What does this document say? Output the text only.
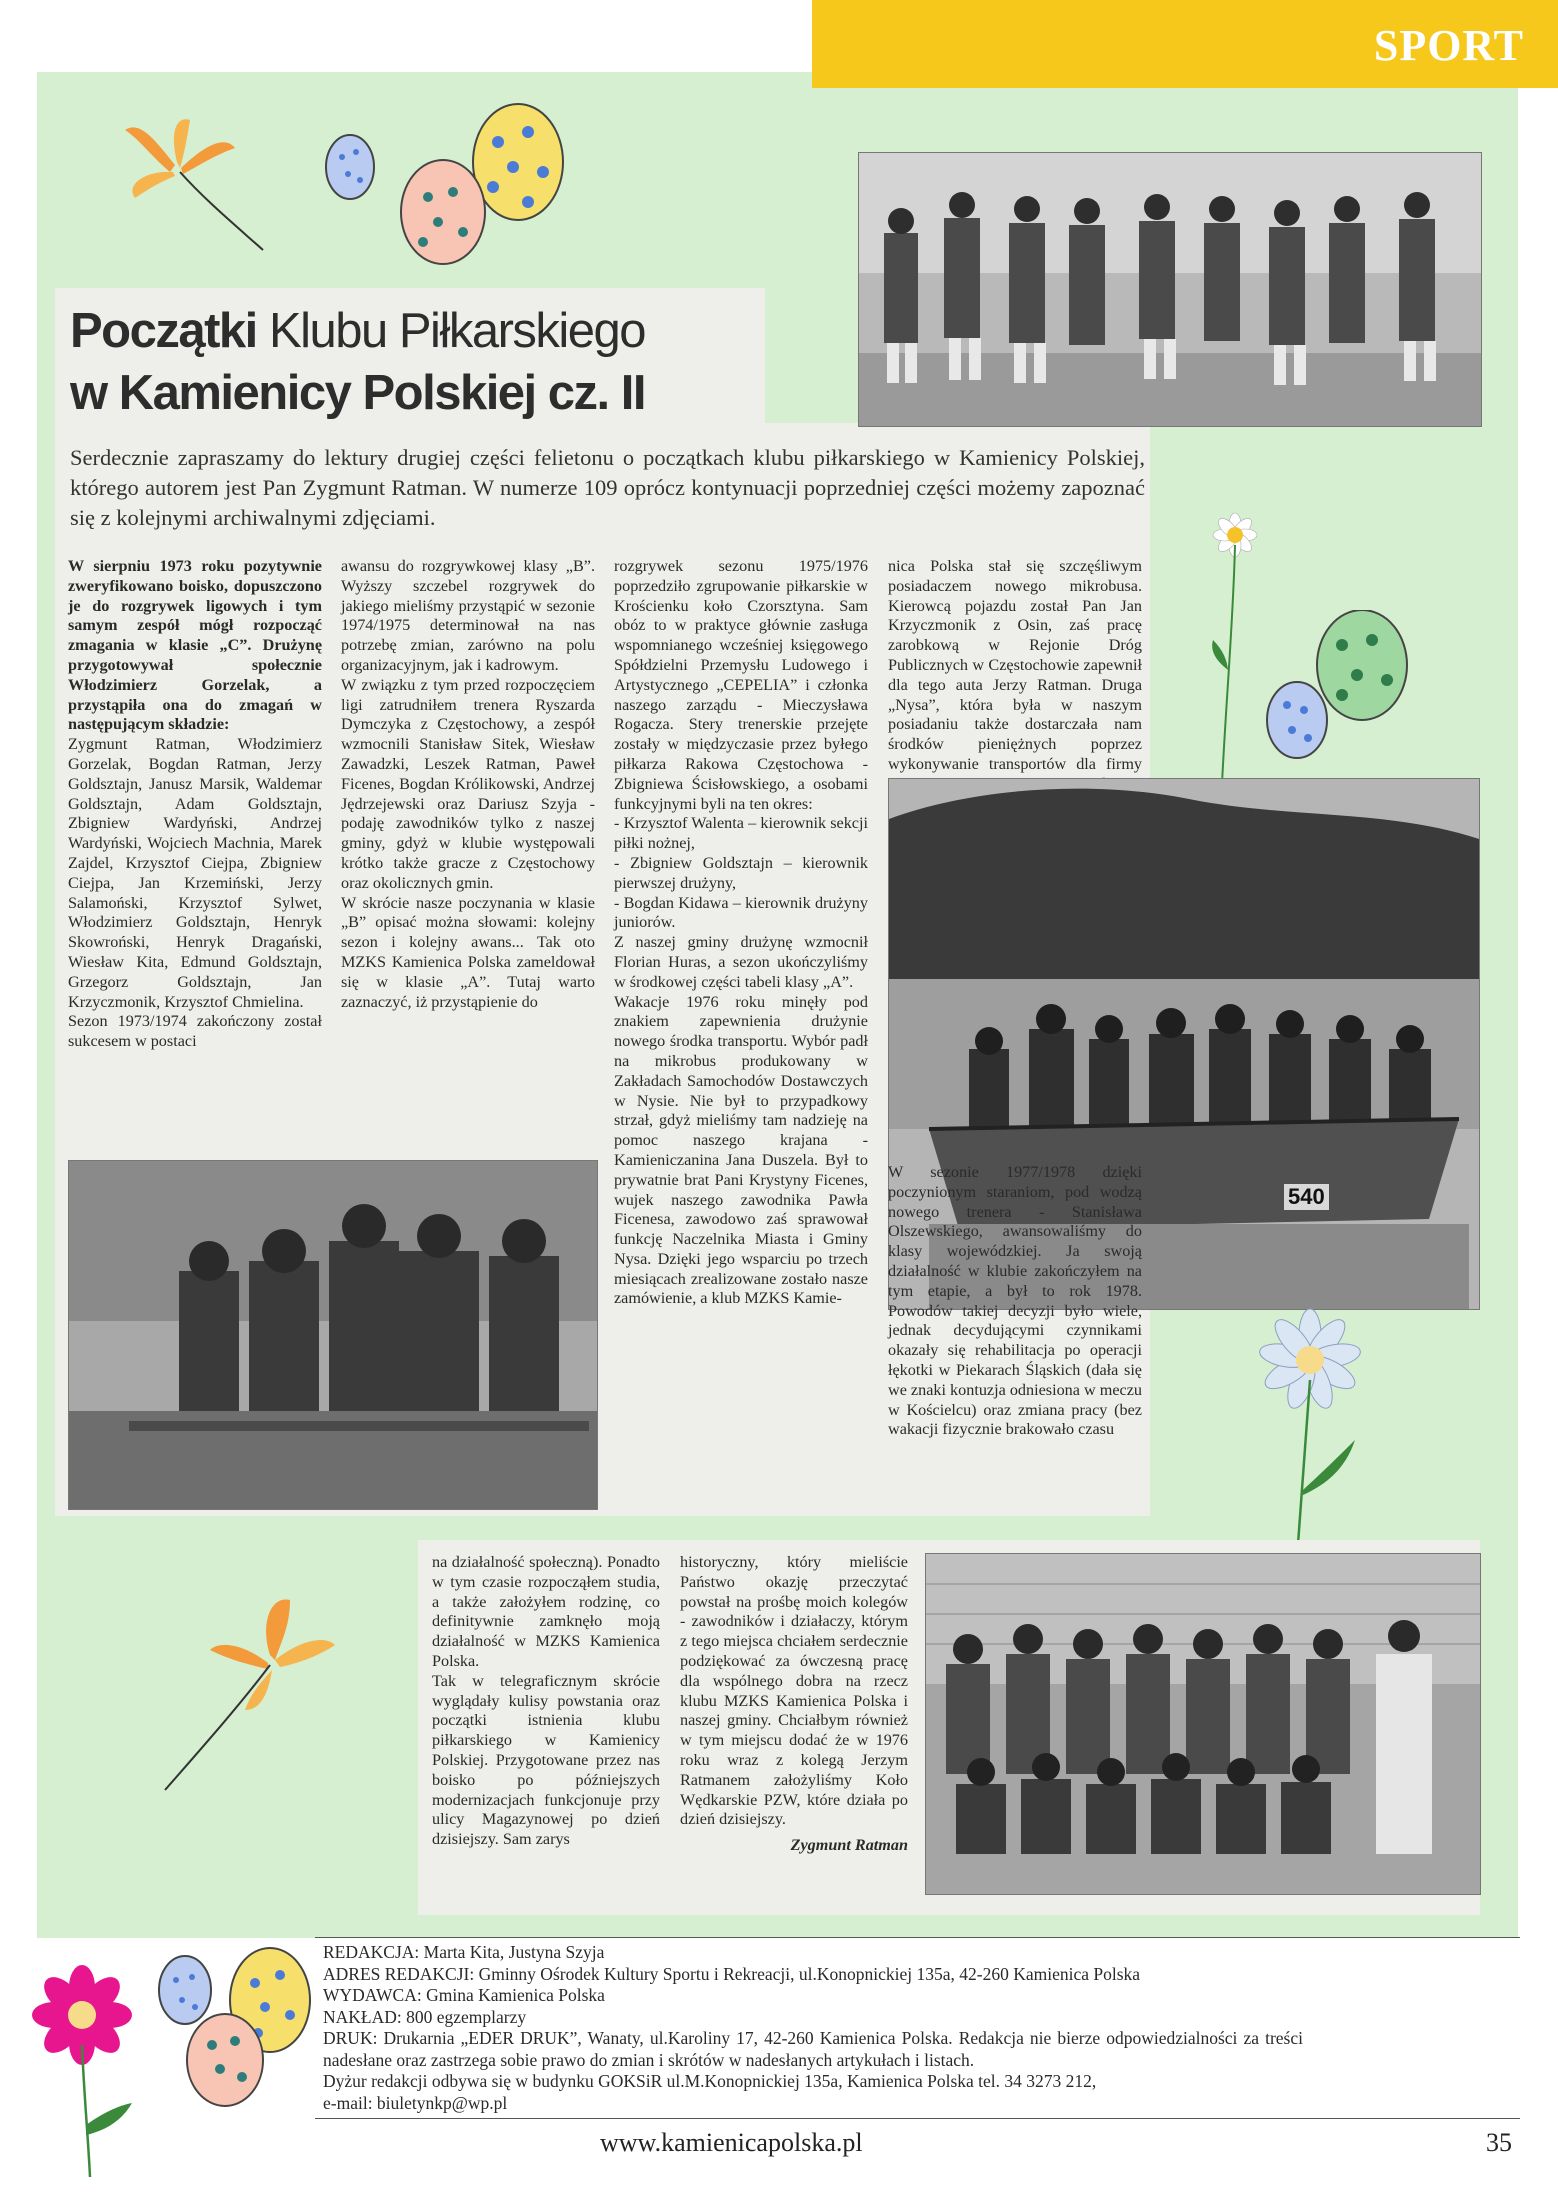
SPORT
Początki Klubu Piłkarskiego
w Kamienicy Polskiej cz. II

Serdecznie zapraszamy do lektury drugiej części felietonu o początkach klubu piłkarskiego w Kamienicy Polskiej, którego autorem jest Pan Zygmunt Ratman. W numerze 109 oprócz kontynuacji poprzedniej części możemy zapoznać się z kolejnymi archiwalnymi zdjęciami.

W sierpniu 1973 roku pozytywnie zweryfikowano boisko, dopuszczono je do rozgrywek ligowych i tym samym zespół mógł rozpocząć zmagania w klasie „C”. Drużynę przygotowywał społecznie Włodzimierz Gorzelak, a przystąpiła ona do zmagań w następującym składzie:

Zygmunt Ratman, Włodzimierz Gorzelak, Bogdan Ratman, Jerzy Goldsztajn, Janusz Marsik, Waldemar Goldsztajn, Adam Goldsztajn, Zbigniew Wardyński, Andrzej Wardyński, Wojciech Machnia, Marek Zajdel, Krzysztof Ciejpa, Zbigniew Ciejpa, Jan Krzemiński, Jerzy Salamoński, Krzysztof Sylwet, Włodzimierz Goldsztajn, Henryk Skowroński, Henryk Dragański, Wiesław Kita, Edmund Goldsztajn, Grzegorz Goldsztajn, Jan Krzyczmonik, Krzysztof Chmielina.

Sezon 1973/1974 zakończony został sukcesem w postaci

awansu do rozgrywkowej klasy „B”. Wyższy szczebel rozgrywek do jakiego mieliśmy przystąpić w sezonie 1974/1975 determinował na nas potrzebę zmian, zarówno na polu organizacyjnym, jak i kadrowym.

W związku z tym przed rozpoczęciem ligi zatrudniłem trenera Ryszarda Dymczyka z Częstochowy, a zespół wzmocnili Stanisław Sitek, Wiesław Zawadzki, Leszek Ratman, Paweł Ficenes, Bogdan Królikowski, Andrzej Jędrzejewski oraz Dariusz Szyja - podaję zawodników tylko z naszej gminy, gdyż w klubie występowali krótko także gracze z Częstochowy oraz okolicznych gmin.

W skrócie nasze poczynania w klasie „B” opisać można słowami: kolejny sezon i kolejny awans... Tak oto MZKS Kamienica Polska zameldował się w klasie „A”. Tutaj warto zaznaczyć, iż przystąpienie do

rozgrywek sezonu 1975/1976 poprzedziło zgrupowanie piłkarskie w Krościenku koło Czorsztyna. Sam obóz to w praktyce głównie zasługa wspomnianego wcześniej księgowego Spółdzielni Przemysłu Ludowego i Artystycznego „CEPELIA” i członka naszego zarządu - Mieczysława Rogacza. Stery trenerskie przejęte zostały w międzyczasie przez byłego piłkarza Rakowa Częstochowa - Zbigniewa Ścisłowskiego, a osobami funkcyjnymi byli na ten okres:

- Krzysztof Walenta – kierownik sekcji piłki nożnej,

- Zbigniew Goldsztajn – kierownik pierwszej drużyny,

- Bogdan Kidawa – kierownik drużyny juniorów.

Z naszej gminy drużynę wzmocnił Florian Huras, a sezon ukończyliśmy w środkowej części tabeli klasy „A”.

Wakacje 1976 roku minęły pod znakiem zapewnienia drużynie nowego środka transportu. Wybór padł na mikrobus produkowany w Zakładach Samochodów Dostawczych w Nysie. Nie był to przypadkowy strzał, gdyż mieliśmy tam nadzieję na pomoc naszego krajana - Kamieniczanina Jana Duszela. Był to prywatnie brat Pani Krystyny Ficenes, wujek naszego zawodnika Pawła Ficenesa, zawodowo zaś sprawował funkcję Naczelnika Miasta i Gminy Nysa. Dzięki jego wsparciu po trzech miesiącach zrealizowane zostało nasze zamówienie, a klub MZKS Kamie-

nica Polska stał się szczęśliwym posiadaczem nowego mikrobusa. Kierowcą pojazdu został Pan Jan Krzyczmonik z Osin, zaś pracę zarobkową w Rejonie Dróg Publicznych w Częstochowie zapewnił dla tego auta Jerzy Ratman. Druga „Nysa”, która była w naszym posiadaniu także dostarczała nam środków pieniężnych poprzez wykonywanie transportów dla firmy

540

W sezonie 1977/1978 dzięki poczynionym staraniom, pod wodzą nowego trenera - Stanisława Olszewskiego, awansowaliśmy do klasy wojewódzkiej. Ja swoją działalność w klubie zakończyłem na tym etapie, a był to rok 1978. Powodów takiej decyzji było wiele, jednak decydującymi czynnikami okazały się rehabilitacja po operacji łękotki w Piekarach Śląskich (dała się we znaki kontuzja odniesiona w meczu w Kościelcu) oraz zmiana pracy (bez wakacji fizycznie brakowało czasu

na działalność społeczną). Ponadto w tym czasie rozpocząłem studia, a także założyłem rodzinę, co definitywnie zamknęło moją działalność w MZKS Kamienica Polska.

Tak w telegraficznym skrócie wyglądały kulisy powstania oraz początki istnienia klubu piłkarskiego w Kamienicy Polskiej. Przygotowane przez nas boisko po późniejszych modernizacjach funkcjonuje przy ulicy Magazynowej po dzień dzisiejszy. Sam zarys

historyczny, który mieliście Państwo okazję przeczytać powstał na prośbę moich kolegów - zawodników i działaczy, którym z tego miejsca chciałem serdecznie podziękować za ówczesną pracę dla wspólnego dobra na rzecz klubu MZKS Kamienica Polska i naszej gminy. Chciałbym również w tym miejscu dodać że w 1976 roku wraz z kolegą Jerzym Ratmanem założyliśmy Koło Wędkarskie PZW, które działa po dzień dzisiejszy.

Zygmunt Ratman

REDAKCJA: Marta Kita, Justyna Szyja

ADRES REDAKCJI: Gminny Ośrodek Kultury Sportu i Rekreacji, ul.Konopnickiej 135a, 42-260 Kamienica Polska

WYDAWCA: Gmina Kamienica Polska

NAKŁAD: 800 egzemplarzy

DRUK: Drukarnia „EDER DRUK”, Wanaty, ul.Karoliny 17, 42-260 Kamienica Polska. Redakcja nie bierze odpowiedzialności za treści nadesłane oraz zastrzega sobie prawo do zmian i skrótów w nadesłanych artykułach i listach.

Dyżur redakcji odbywa się w budynku GOKSiR ul.M.Konopnickiej 135a, Kamienica Polska tel. 34 3273 212,

e-mail: biuletynkp@wp.pl

www.kamienicapolska.pl	35
